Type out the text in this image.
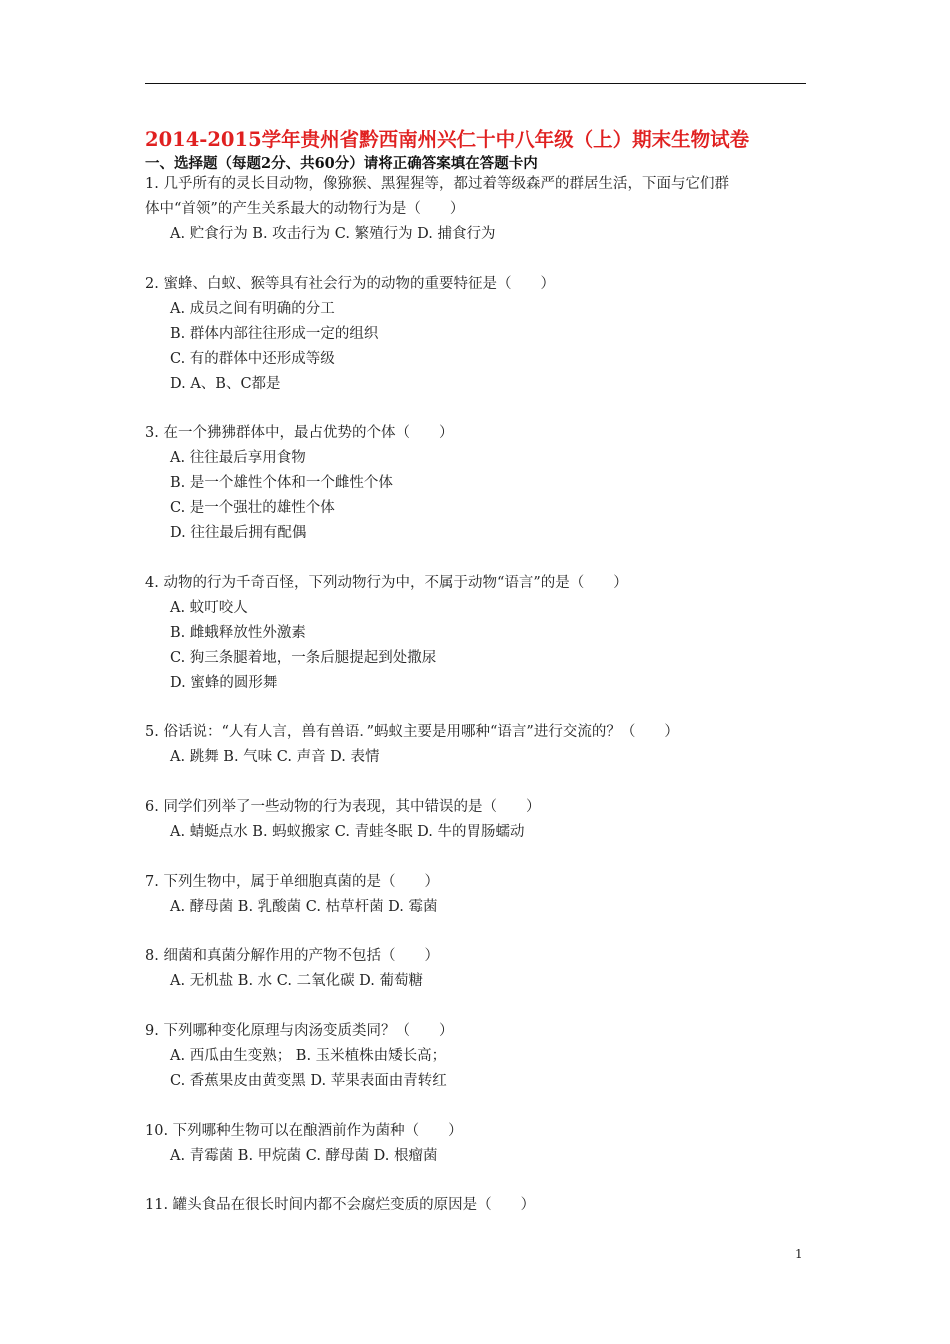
2014-2015学年贵州省黔西南州兴仁十中八年级（上）期末生物试卷
一、选择题（每题2分、共60分）请将正确答案填在答题卡内
1. 几乎所有的灵长目动物，像猕猴、黑猩猩等，都过着等级森严的群居生活，下面与它们群
体中“首领”的产生关系最大的动物行为是（　　）
A. 贮食行为 B. 攻击行为 C. 繁殖行为 D. 捕食行为
2. 蜜蜂、白蚁、猴等具有社会行为的动物的重要特征是（　　）
A. 成员之间有明确的分工
B. 群体内部往往形成一定的组织
C. 有的群体中还形成等级
D. A、B、C都是
3. 在一个狒狒群体中，最占优势的个体（　　）
A. 往往最后享用食物
B. 是一个雄性个体和一个雌性个体
C. 是一个强壮的雄性个体
D. 往往最后拥有配偶
4. 动物的行为千奇百怪，下列动物行为中，不属于动物“语言”的是（　　）
A. 蚊叮咬人
B. 雌蛾释放性外激素
C. 狗三条腿着地，一条后腿提起到处撒尿
D. 蜜蜂的圆形舞
5. 俗话说：“人有人言，兽有兽语．”蚂蚁主要是用哪种“语言”进行交流的？（　　）
A. 跳舞 B. 气味 C. 声音 D. 表情
6. 同学们列举了一些动物的行为表现，其中错误的是（　　）
A. 蜻蜓点水 B. 蚂蚁搬家 C. 青蛙冬眠 D. 牛的胃肠蠕动
7. 下列生物中，属于单细胞真菌的是（　　）
A. 酵母菌 B. 乳酸菌 C. 枯草杆菌 D. 霉菌
8. 细菌和真菌分解作用的产物不包括（　　）
A. 无机盐 B. 水 C. 二氧化碳 D. 葡萄糖
9. 下列哪种变化原理与肉汤变质类同？（　　）
A. 西瓜由生变熟； B. 玉米植株由矮长高；
C. 香蕉果皮由黄变黑 D. 苹果表面由青转红
10. 下列哪种生物可以在酿酒前作为菌种（　　）
A. 青霉菌 B. 甲烷菌 C. 酵母菌 D. 根瘤菌
11. 罐头食品在很长时间内都不会腐烂变质的原因是（　　）
1
